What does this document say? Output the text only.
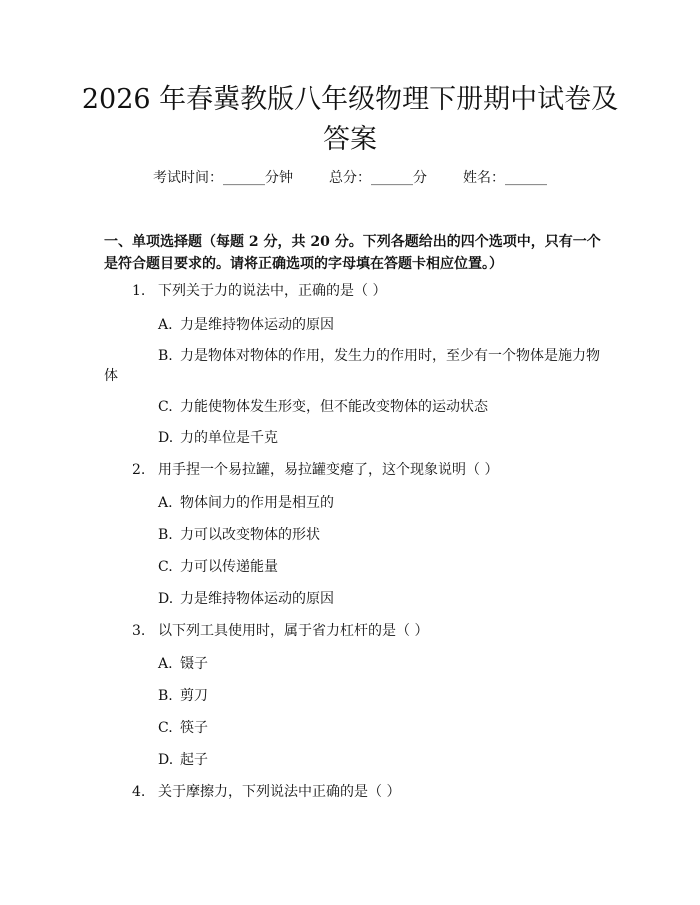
2026 年春冀教版八年级物理下册期中试卷及答案
考试时间：______分钟	总分：______分	姓名：______
一、单项选择题（每题 2 分，共 20 分。下列各题给出的四个选项中，只有一个是符合题目要求的。请将正确选项的字母填在答题卡相应位置。）
1. 下列关于力的说法中，正确的是（ ）
A. 力是维持物体运动的原因
B. 力是物体对物体的作用，发生力的作用时，至少有一个物体是施力物
体
C. 力能使物体发生形变，但不能改变物体的运动状态
D. 力的单位是千克
2. 用手捏一个易拉罐，易拉罐变瘪了，这个现象说明（ ）
A. 物体间力的作用是相互的
B. 力可以改变物体的形状
C. 力可以传递能量
D. 力是维持物体运动的原因
3. 以下列工具使用时，属于省力杠杆的是（ ）
A. 镊子
B. 剪刀
C. 筷子
D. 起子
4. 关于摩擦力，下列说法中正确的是（ ）
